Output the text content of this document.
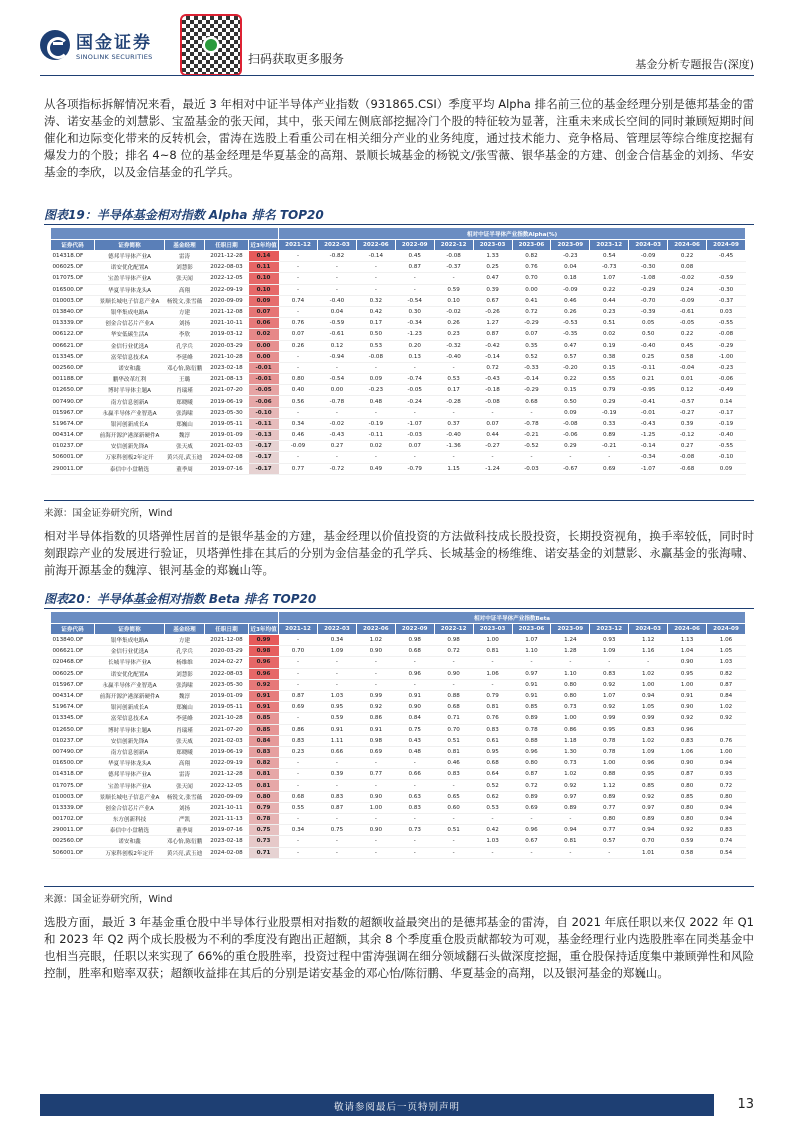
国金证券
SINOLINK SECURITIES	扫码获取更多服务	基金分析专题报告(深度)
从各项指标拆解情况来看，最近 3 年相对中证半导体产业指数（931865.CSI）季度平均 Alpha 排名前三位的基金经理分别是德邦基金的雷涛、诺安基金的刘慧影、宝盈基金的张天闻，其中，张天闻左侧底部挖掘冷门个股的特征较为显著，注重未来成长空间的同时兼顾短期时间催化和边际变化带来的反转机会，雷涛在选股上看重公司在相关细分产业的业务纯度，通过技术能力、竞争格局、管理层等综合维度挖掘有爆发力的个股；排名 4~8 位的基金经理是华夏基金的高翔、景顺长城基金的杨锐文/张雪薇、银华基金的方建、创金合信基金的刘扬、华安基金的李欣，以及金信基金的孔学兵。
图表19：半导体基金相对指数 Alpha 排名 TOP20
					相对中证半导体产业指数Alpha(%)											
证券代码	证券简称	基金经理	任职日期	近3年均值	2021-12	2022-03	2022-06	2022-09	2022-12	2023-03	2023-06	2023-09	2023-12	2024-03	2024-06	2024-09
014318.OF	德邦半导体产业A	雷涛	2021-12-28	0.14	-	-0.82	-0.14	0.45	-0.08	1.33	0.82	-0.23	0.54	-0.09	0.22	-0.45
006025.OF	诺安优化配置A	刘慧影	2022-08-03	0.11	-	-	-	0.87	-0.37	0.25	0.76	0.04	-0.73	-0.30	0.08	
017075.OF	宝盈半导体产业A	张天闻	2022-12-05	0.10	-	-	-	-	-	0.47	0.70	0.18	1.07	-1.08	-0.02	-0.59
016500.OF	华夏半导体龙头A	高翔	2022-09-19	0.10	-	-	-	-	0.59	0.39	0.00	-0.09	0.22	-0.29	0.24	-0.30
010003.OF	景顺长城电子信息产业A	杨锐文,张雪薇	2020-09-09	0.09	0.74	-0.40	0.32	-0.54	0.10	0.67	0.41	0.46	0.44	-0.70	-0.09	-0.37
013840.OF	银华集成电路A	方建	2021-12-08	0.07	-	0.04	0.42	0.30	-0.02	-0.26	0.72	0.26	0.23	-0.39	-0.61	0.03
013339.OF	创金合信芯片产业A	刘扬	2021-10-11	0.06	0.76	-0.59	0.17	-0.34	0.26	1.27	-0.29	-0.53	0.51	0.05	-0.05	-0.55
006122.OF	华安低碳生活A	李欣	2019-03-12	0.02	0.07	-0.61	0.50	-1.23	0.23	0.87	0.07	-0.35	0.02	0.50	0.22	-0.08
006621.OF	金信行业优选A	孔学兵	2020-03-29	0.00	0.26	0.12	0.53	0.20	-0.32	-0.42	0.35	0.47	0.19	-0.40	0.45	-0.29
013345.OF	富荣信息技术A	李延峰	2021-10-28	0.00	-	-0.94	-0.08	0.13	-0.40	-0.14	0.52	0.57	0.38	0.25	0.58	-1.00
002560.OF	诺安和鑫	邓心怡,陈衍鹏	2023-02-18	-0.01	-	-	-	-	-	0.72	-0.33	-0.20	0.15	-0.11	-0.04	-0.23
001188.OF	鹏华改革红利	王璐	2021-08-13	-0.01	0.80	-0.54	0.09	-0.74	0.53	-0.43	-0.14	0.22	0.55	0.21	0.01	-0.06
012650.OF	博时半导体主题A	肖瑞瑾	2021-07-20	-0.05	0.40	0.00	-0.23	-0.05	0.17	-0.18	-0.29	0.15	0.79	-0.95	0.12	-0.49
007490.OF	南方信息创新A	郑晓曦	2019-06-19	-0.06	0.56	-0.78	0.48	-0.24	-0.28	-0.08	0.68	0.50	0.29	-0.41	-0.57	0.14
015967.OF	永赢半导体产业智选A	张海啸	2023-05-30	-0.10	-	-	-	-	-	-	-	0.09	-0.19	-0.01	-0.27	-0.17
519674.OF	银河创新成长A	郑巍山	2019-05-11	-0.11	0.34	-0.02	-0.19	-1.07	0.37	0.07	-0.78	-0.08	0.33	-0.43	0.39	-0.19
004314.OF	前海开源沪港深新硬件A	魏淳	2019-01-09	-0.13	0.46	-0.43	-0.11	-0.03	-0.40	0.44	-0.21	-0.06	0.89	-1.25	-0.12	-0.40
010237.OF	安信创新先锋A	张天威	2021-02-03	-0.17	-0.09	0.27	0.02	0.07	-1.36	-0.27	-0.52	0.29	-0.21	-0.14	0.27	-0.55
506001.OF	万家科创板2年定开	黄兴亮,武玉迪	2024-02-08	-0.17	-	-	-	-	-	-	-	-	-	-0.34	-0.08	-0.10
290011.OF	泰信中小盘精选	董季周	2019-07-16	-0.17	0.77	-0.72	0.49	-0.79	1.15	-1.24	-0.03	-0.67	0.69	-1.07	-0.68	0.09
来源：国金证券研究所，Wind
相对半导体指数的贝塔弹性居首的是银华基金的方建，基金经理以价值投资的方法做科技成长股投资，长期投资视角，换手率较低，同时时刻跟踪产业的发展进行验证，贝塔弹性排在其后的分别为金信基金的孔学兵、长城基金的杨维维、诺安基金的刘慧影、永赢基金的张海啸、前海开源基金的魏淳、银河基金的郑巍山等。
图表20：半导体基金相对指数 Beta 排名 TOP20
					相对中证半导体产业指数Beta											
证券代码	证券简称	基金经理	任职日期	近3年均值	2021-12	2022-03	2022-06	2022-09	2022-12	2023-03	2023-06	2023-09	2023-12	2024-03	2024-06	2024-09
013840.OF	银华集成电路A	方建	2021-12-08	0.99	-	0.34	1.02	0.98	0.98	1.00	1.07	1.24	0.93	1.12	1.13	1.06
006621.OF	金信行业优选A	孔学兵	2020-03-29	0.98	0.70	1.09	0.90	0.68	0.72	0.81	1.10	1.28	1.09	1.16	1.04	1.05
020468.OF	长城半导体产业A	杨维维	2024-02-27	0.96	-	-	-	-	-	-	-	-	-	-	0.90	1.03
006025.OF	诺安优化配置A	刘慧影	2022-08-03	0.96	-	-	-	0.96	0.90	1.06	0.97	1.10	0.83	1.02	0.95	0.82
015967.OF	永赢半导体产业智选A	张海啸	2023-05-30	0.92	-	-	-	-	-	-	0.91	0.80	0.92	1.00	1.00	0.87
004314.OF	前海开源沪港深新硬件A	魏淳	2019-01-09	0.91	0.87	1.03	0.99	0.91	0.88	0.79	0.91	0.80	1.07	0.94	0.91	0.84
519674.OF	银河创新成长A	郑巍山	2019-05-11	0.91	0.69	0.95	0.92	0.90	0.68	0.81	0.85	0.73	0.92	1.05	0.90	1.02
013345.OF	富荣信息技术A	李延峰	2021-10-28	0.85	-	0.59	0.86	0.84	0.71	0.76	0.89	1.00	0.99	0.99	0.92	0.92
012650.OF	博时半导体主题A	肖瑞瑾	2021-07-20	0.85	0.86	0.91	0.91	0.75	0.70	0.83	0.78	0.86	0.95	0.83	0.96	
010237.OF	安信创新先锋A	张天威	2021-02-03	0.84	0.83	1.11	0.98	0.43	0.51	0.61	0.88	1.18	0.78	1.02	0.83	0.76
007490.OF	南方信息创新A	郑晓曦	2019-06-19	0.83	0.23	0.66	0.69	0.48	0.81	0.95	0.96	1.30	0.78	1.09	1.06	1.00
016500.OF	华夏半导体龙头A	高翔	2022-09-19	0.82	-	-	-	-	0.46	0.68	0.80	0.73	1.00	0.96	0.90	0.94
014318.OF	德邦半导体产业A	雷涛	2021-12-28	0.81	-	0.39	0.77	0.66	0.83	0.64	0.87	1.02	0.88	0.95	0.87	0.93
017075.OF	宝盈半导体产业A	张天闻	2022-12-05	0.81	-	-	-	-	-	0.52	0.72	0.92	1.12	0.85	0.80	0.72
010003.OF	景顺长城电子信息产业A	杨锐文,张雪薇	2020-09-09	0.80	0.68	0.83	0.90	0.63	0.65	0.62	0.89	0.97	0.89	0.92	0.85	0.80
013339.OF	创金合信芯片产业A	刘扬	2021-10-11	0.79	0.55	0.87	1.00	0.83	0.60	0.53	0.69	0.89	0.77	0.97	0.80	0.94
001702.OF	东方创新科技	严凯	2021-11-13	0.78	-	-	-	-	-	-	-	-	0.80	0.89	0.80	0.94
290011.OF	泰信中小盘精选	董季周	2019-07-16	0.75	0.34	0.75	0.90	0.73	0.51	0.42	0.96	0.94	0.77	0.94	0.92	0.83
002560.OF	诺安和鑫	邓心怡,陈衍鹏	2023-02-18	0.73	-	-	-	-	-	1.03	0.67	0.81	0.57	0.70	0.59	0.74
506001.OF	万家科创板2年定开	黄兴亮,武玉迪	2024-02-08	0.71	-	-	-	-	-	-	-	-	-	1.01	0.58	0.54
来源：国金证券研究所，Wind
选股方面，最近 3 年基金重仓股中半导体行业股票相对指数的超额收益最突出的是德邦基金的雷涛，自 2021 年底任职以来仅 2022 年 Q1 和 2023 年 Q2 两个成长股极为不利的季度没有跑出正超额，其余 8 个季度重仓股贡献都较为可观，基金经理行业内选股胜率在同类基金中也相当亮眼，任职以来实现了 66%的重仓股胜率，投资过程中雷涛强调在细分领域翻石头做深度挖掘，重仓股保持适度集中兼顾弹性和风险控制，胜率和赔率双获；超额收益排在其后的分别是诺安基金的邓心怡/陈衍鹏、华夏基金的高翔，以及银河基金的郑巍山。
敬请参阅最后一页特别声明	13
